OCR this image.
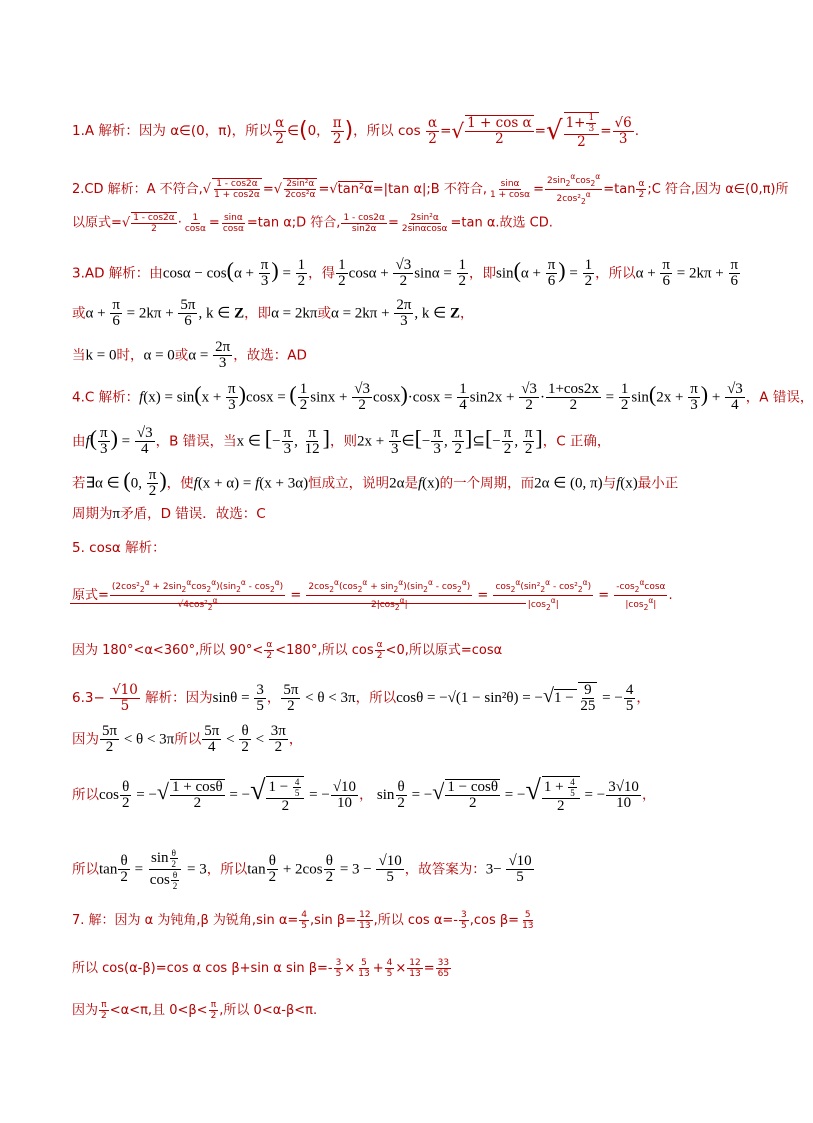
1.A 解析：因为 α∈(0，π)，所以 $\frac{\alpha}{2}$ ∈(0， $\frac{\pi}{2}$ )，所以 $\cos \frac{\alpha}{2}$ =√ $\frac{\text{1 + cos α}}{2}$ =√ $\frac{1+ \frac{1}{3}}{2} = \frac{√6}{3}$ .
2.CD 解析：A 不符合,√ $\frac{1 - \cos 2\alpha}{1 + \cos 2\alpha}$ =√ $\frac{\text{2sin²α}}{\text{2cos²α}} =√\tan^2\alpha=|\tan$ α|;B 不符合, $\frac{\sin\alpha}{1 + \cos\alpha} = \frac{2\sin_2^\alpha\cos_2^\alpha}{2\cos^2_2^\alpha} =\tan \frac{\alpha}{2}$ ;C 符合,因为 α∈(0,π)所
以原式=√ $\frac{1 - \cos 2\alpha}{2} \cdot \frac{1}{\cos\alpha} = \frac{\sin\alpha}{\cos\alpha} =\tan$ α;D 符合, $\frac{1 - \cos 2\alpha}{\sin 2\alpha} = \frac{\text{2sin²α}}{2\sin\alpha\cos\alpha} =\tan$ α.故选 CD.
3.AD 解析：由$\cos\alpha - \cos(\alpha + \frac{\pi}{3}$ ) = $\frac{1}{2}$ ，得 $\frac{1}{2}$ $\cos\alpha + \frac{√3}{2}$ $\sin\alpha = \frac{1}{2}$ ，即$\sin(\alpha + \frac{\pi}{6}$ ) = $\frac{1}{2}$ ，所以$\alpha + \frac{\pi}{6} = 2k\pi + \frac{\pi}{6}$
或$\alpha + \frac{\pi}{6} = 2k\pi + \frac{5\pi}{6}$ , k ∈ Z，即α = 2kπ或$\alpha = 2k\pi + \frac{2\pi}{3}$ , k ∈ Z，
当k = 0时，α = 0或$\alpha = \frac{2\pi}{3}$ ，故选：AD
4.C 解析：$f(x) = \sin(x + \frac{\pi}{3} )\cos x$ = ( $\frac{1}{2}$ $\sin x + \frac{√3}{2} \cos x)\cdot\cos x = \frac{1}{4} \sin 2x + \frac{√3}{2} \cdot \frac{1+\cos 2x}{2} = \frac{1}{2} \sin(2x + \frac{\pi}{3}$ ) + $\frac{√3}{4}$ ，A 错误，
由$f( \frac{\pi}{3}$ ) = $\frac{√3}{4}$ ，B 错误，当x ∈ [− $\frac{\pi}{3}$ , $\frac{\pi}{12}$ ]，则$2x + \frac{\pi}{3}$ ∈[− $\frac{\pi}{3}$ , $\frac{\pi}{2}$ ]⊆[− $\frac{\pi}{2}$ , $\frac{\pi}{2}$ ]，C 正确，
若∃α ∈ (0, $\frac{\pi}{2}$ )，使f(x + α) = f(x + 3α)恒成立，说明2α是f(x)的一个周期，而2α ∈ (0, π)与f(x)最小正
周期为π矛盾，D 错误．故选：C
5. cosα 解析：
原式= $\frac{(2\cos^2_2^\alpha + 2\sin_2^\alpha\cos_2^\alpha)(\sin_2^\alpha - \cos_2^\alpha)}{√4\cos^2_2^\alpha} = \frac{2\cos_2^\alpha(\cos_2^\alpha + \sin_2^\alpha)(\sin_2^\alpha - \cos_2^\alpha)}{2|\cos_2^\alpha|} = \frac{\cos_2^\alpha(\sin^2_2^\alpha - \cos^2_2^\alpha)}{|\cos_2^\alpha|} = \frac{-\cos_2^\alpha\cos\alpha}{|\cos_2^\alpha|}$ .
因为 180°<α<360°,所以 $90^\circ< \frac{\alpha}{2} <180^\circ$,所以 $\cos \frac{\alpha}{2} <0$,所以原式=cosα
$6.3- \frac{√10}{5}$ 解析：因为$\sin\theta = \frac{3}{5}$ ， $\frac{5\pi}{2} < \theta < 3\pi$，所以$\cos\theta = -√(1 - \sin^2\theta) = -√1 - \frac{9}{25}$ = − $\frac{4}{5}$ ，
因为 $\frac{5\pi}{2} < \theta < 3\pi$所以 $\frac{5\pi}{4} < \frac{\theta}{2} < \frac{3\pi}{2}$ ，
所以$\cos \frac{\theta}{2}$ = −√ $\frac{1 + \cos\theta}{2}$ = −√ $\frac{1 - \frac{4}{5}}{2}$ = − $\frac{√10}{10}$ ， $\sin \frac{\theta}{2}$ = −√ $\frac{1 - \cos\theta}{2}$ = −√ $\frac{1 + \frac{4}{5}}{2}$ = − $\frac{3√10}{10}$ ，
所以$\tan \frac{\theta}{2} = \frac{\sin \frac{\theta}{2}}{\cos \frac{\theta}{2}} = 3$，所以$\tan \frac{\theta}{2} + 2\cos \frac{\theta}{2} = 3 - \frac{√10}{5}$ ，故答案为：$3- \frac{√10}{5}$
7. 解：因为 α 为钝角,β 为锐角,sin $\alpha= \frac{4}{5} ,\sin$ $\beta= \frac{12}{13}$ ,所以 $\cos \alpha=- \frac{3}{5} ,\cos$ $\beta= \frac{5}{13}$
所以 cos(α-β)=cos α cos β+sin α $\sin \beta=- \frac{3}{5} \times \frac{5}{13} + \frac{4}{5} \times \frac{12}{13} = \frac{33}{65}$
因为 $\frac{\pi}{2} <\alpha<\pi$,且 $0<\beta< \frac{\pi}{2}$ ,所以 0<α-β<π.
